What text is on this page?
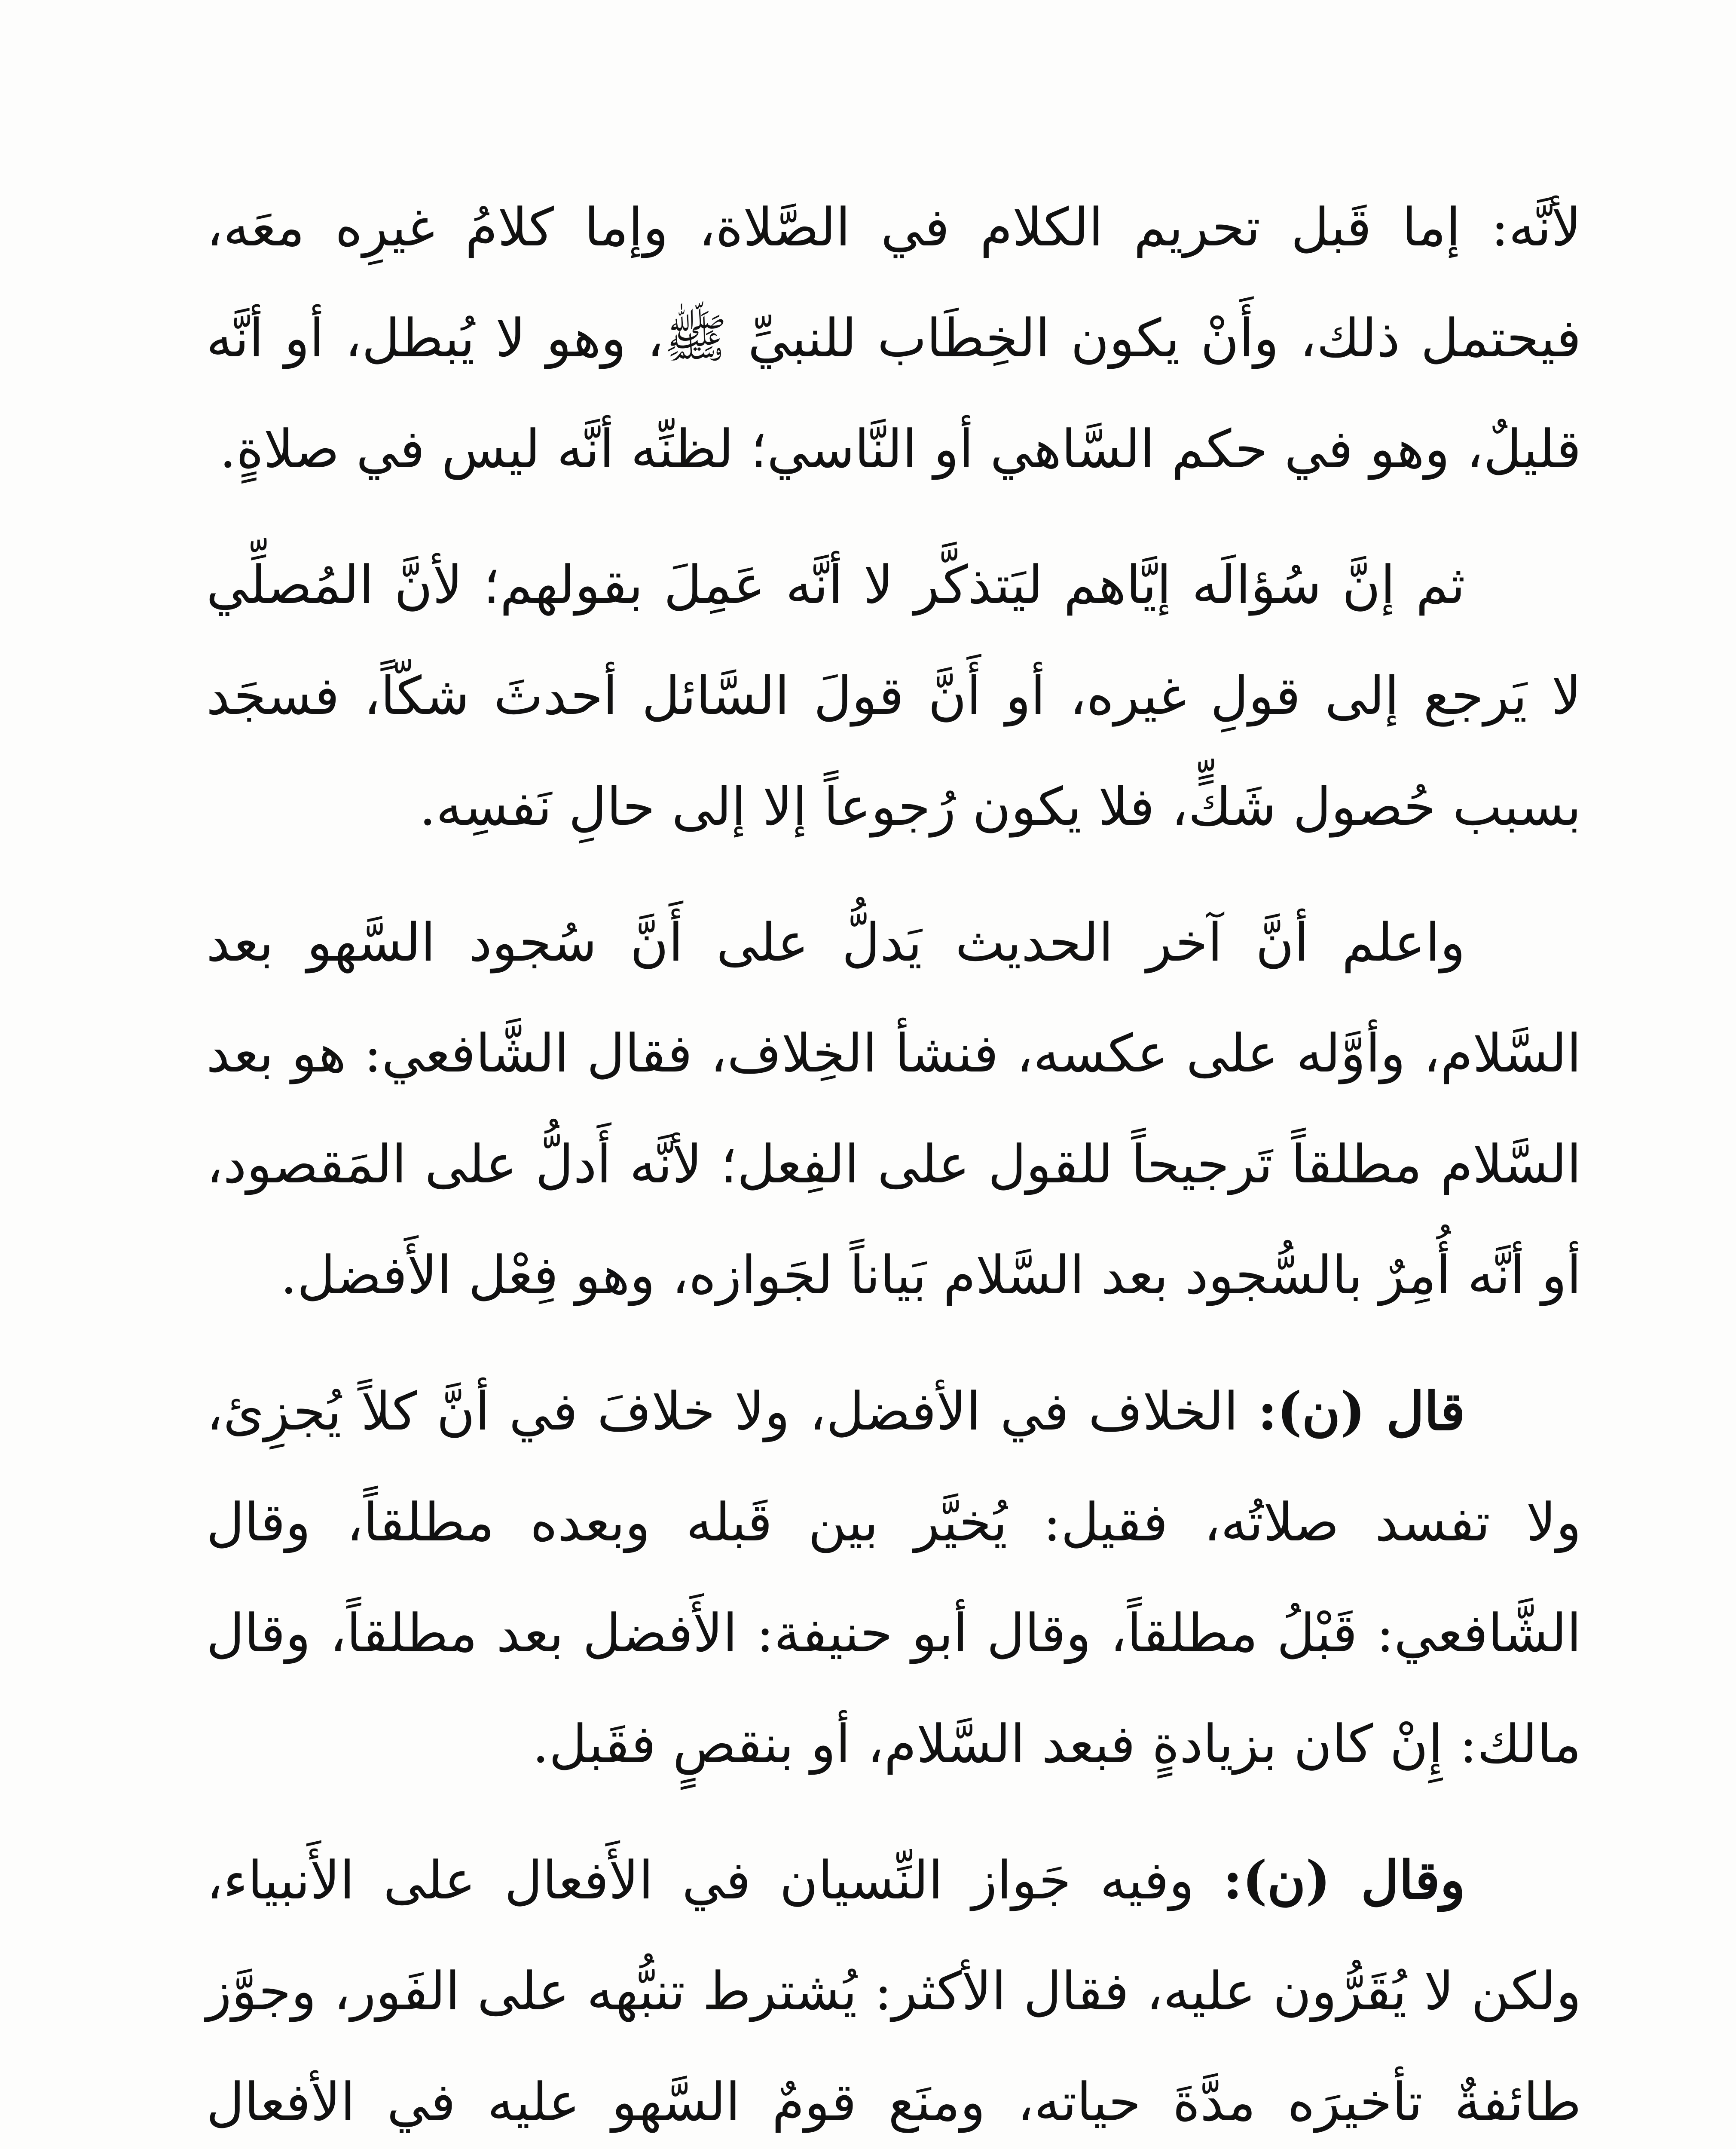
لأنَّه: إما قَبل تحريم الكلام في الصَّلاة، وإما كلامُ غيرِه معَه، فيحتمل ذلك، وأَنْ يكون الخِطَاب للنبيِّ ﷺ، وهو لا يُبطل، أو أنَّه قليلٌ، وهو في حكم السَّاهي أو النَّاسي؛ لظنِّه أنَّه ليس في صلاةٍ.

ثم إنَّ سُؤالَه إيَّاهم ليَتذكَّر لا أنَّه عَمِلَ بقولهم؛ لأنَّ المُصلِّي لا يَرجع إلى قولِ غيره، أو أَنَّ قولَ السَّائل أحدثَ شكّاً، فسجَد بسبب حُصول شَكٍّ، فلا يكون رُجوعاً إلا إلى حالِ نَفسِه.

واعلم أنَّ آخر الحديث يَدلُّ على أَنَّ سُجود السَّهو بعد السَّلام، وأوَّله على عكسه، فنشأ الخِلاف، فقال الشَّافعي: هو بعد السَّلام مطلقاً تَرجيحاً للقول على الفِعل؛ لأنَّه أَدلُّ على المَقصود، أو أنَّه أُمِرٌ بالسُّجود بعد السَّلام بَياناً لجَوازه، وهو فِعْل الأَفضل.

قال (ن): الخلاف في الأفضل، ولا خلافَ في أنَّ كلاً يُجزِئ، ولا تفسد صلاتُه، فقيل: يُخيَّر بين قَبله وبعده مطلقاً، وقال الشَّافعي: قَبْلُ مطلقاً، وقال أبو حنيفة: الأَفضل بعد مطلقاً، وقال مالك: إِنْ كان بزيادةٍ فبعد السَّلام، أو بنقصٍ فقَبل.

وقال (ن): وفيه جَواز النِّسيان في الأَفعال على الأَنبياء، ولكن لا يُقَرُّون عليه، فقال الأكثر: يُشترط تنبُّهه على الفَور، وجوَّز طائفةٌ تأخيرَه مدَّةَ حياته، ومنَع قومٌ السَّهو عليه في الأفعال
